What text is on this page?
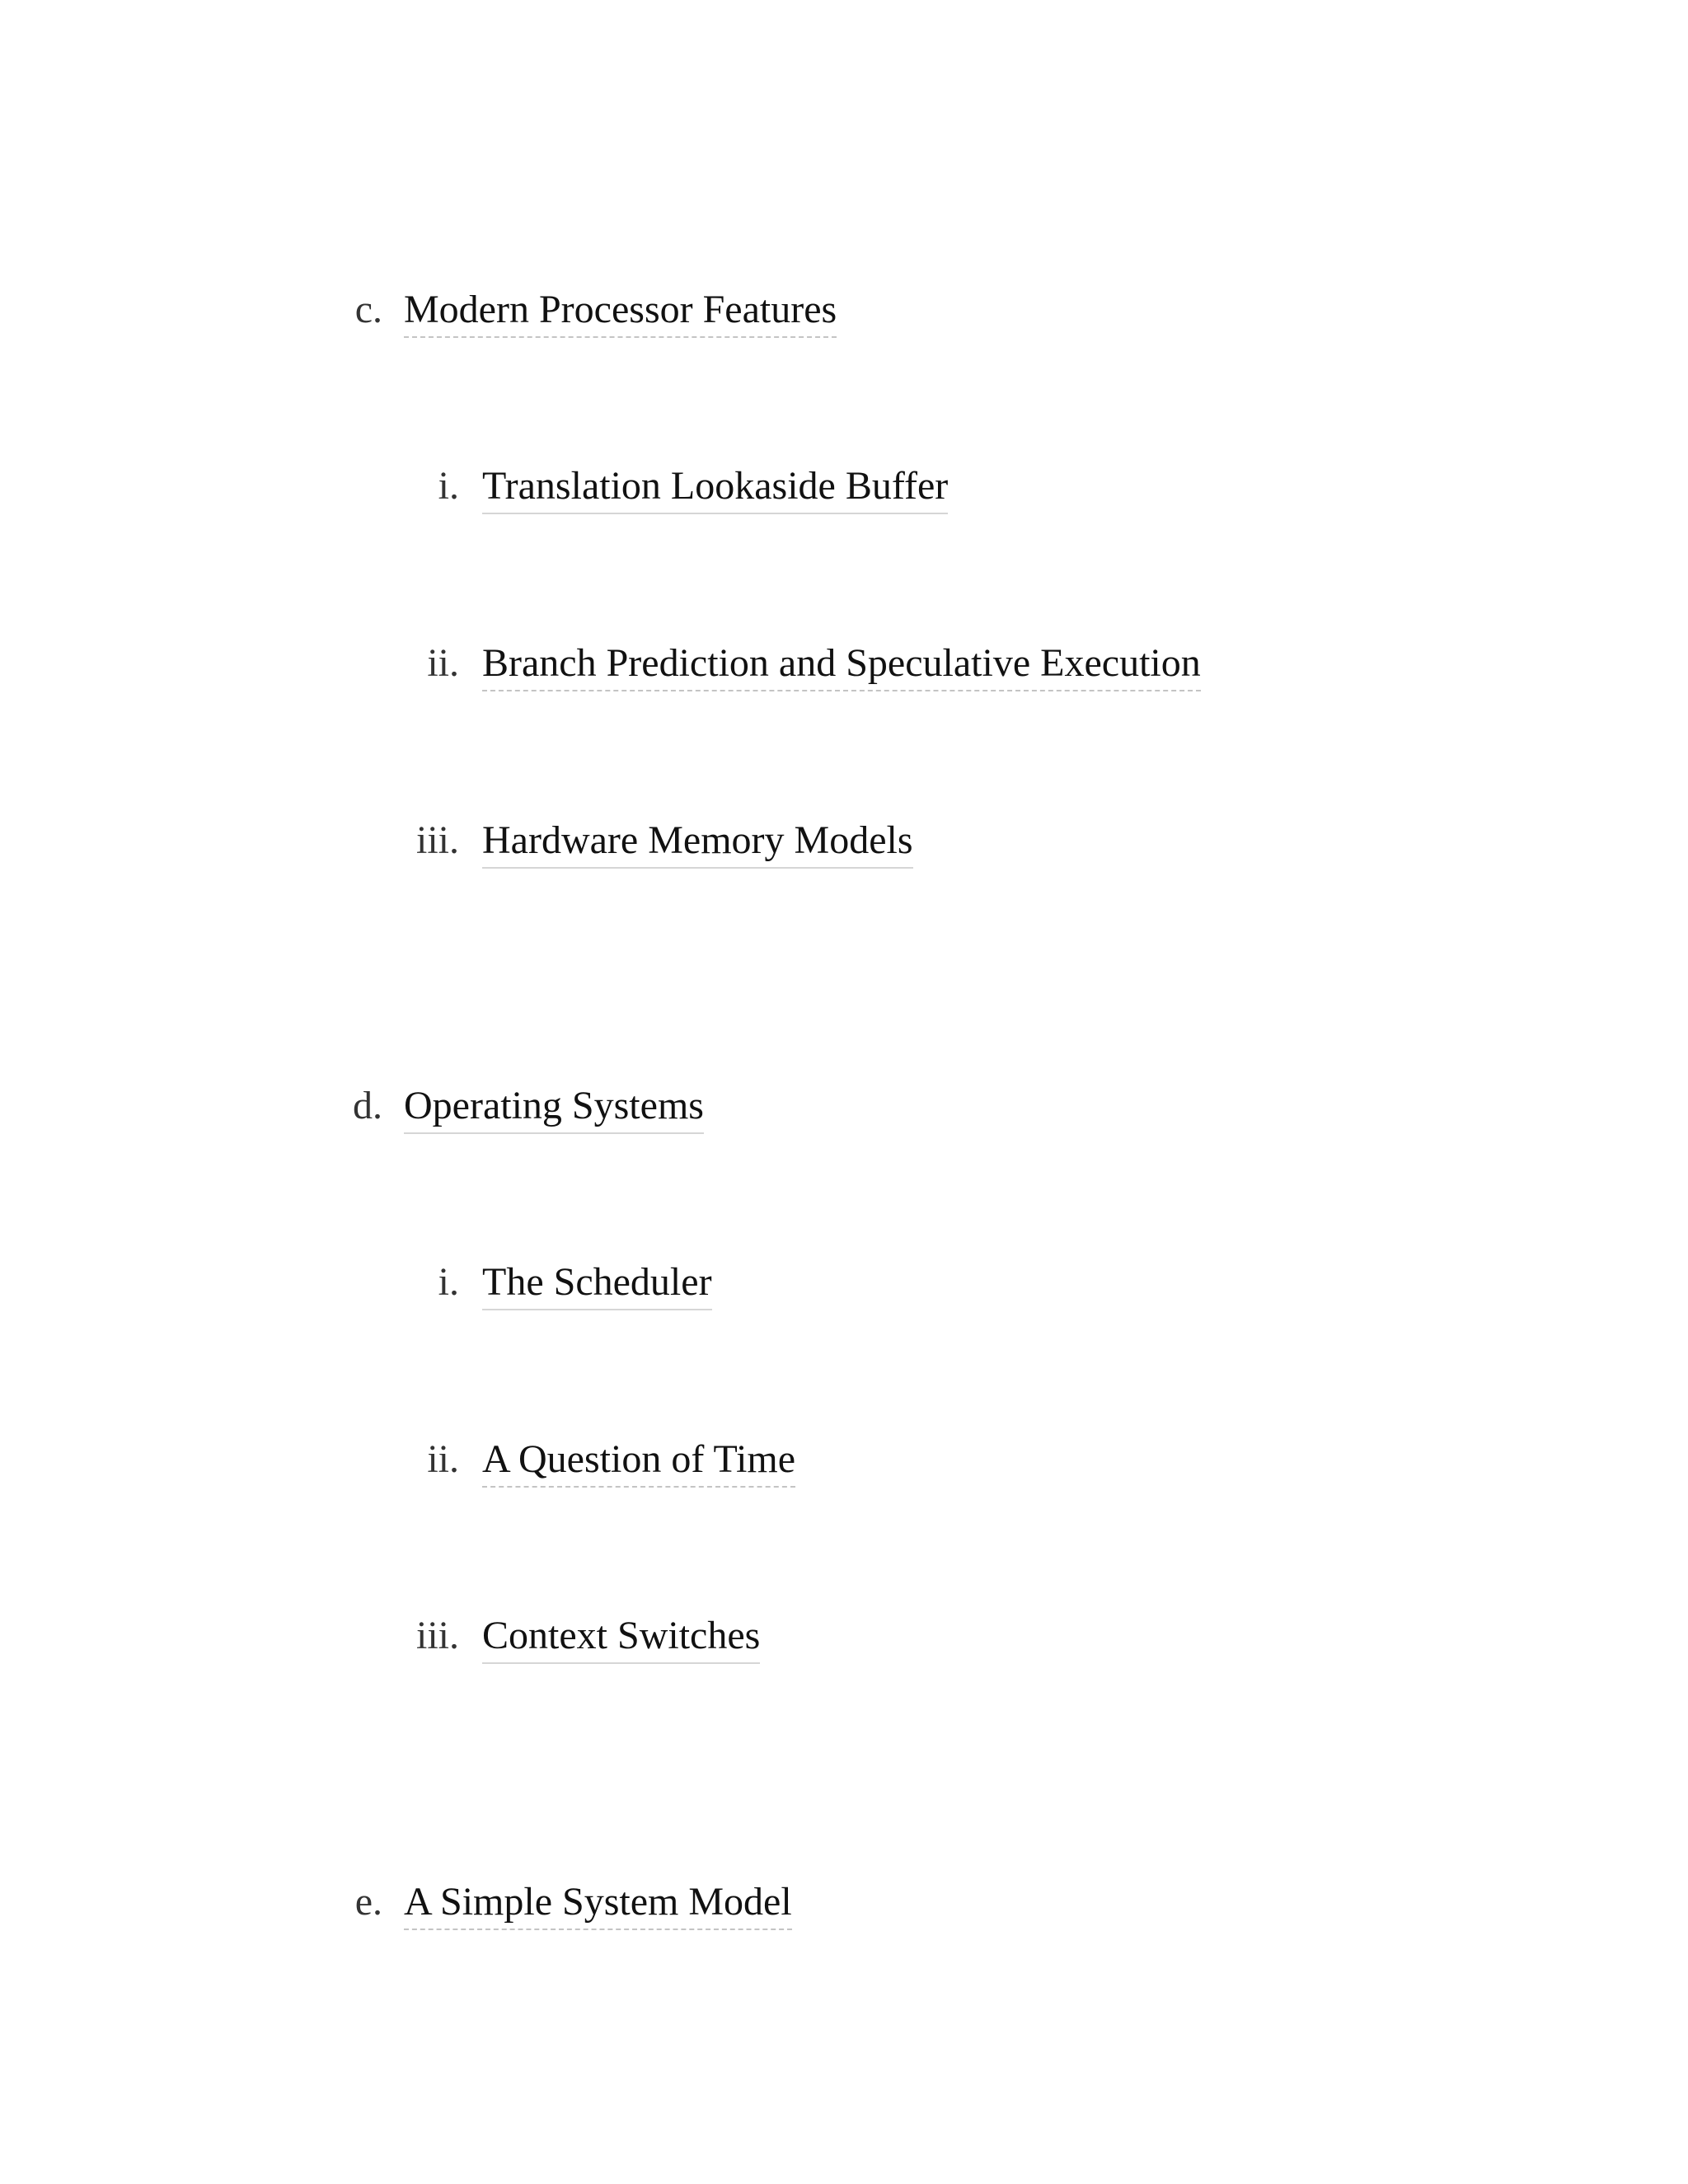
c. Modern Processor Features
i. Translation Lookaside Buffer
ii. Branch Prediction and Speculative Execution
iii. Hardware Memory Models
d. Operating Systems
i. The Scheduler
ii. A Question of Time
iii. Context Switches
e. A Simple System Model
